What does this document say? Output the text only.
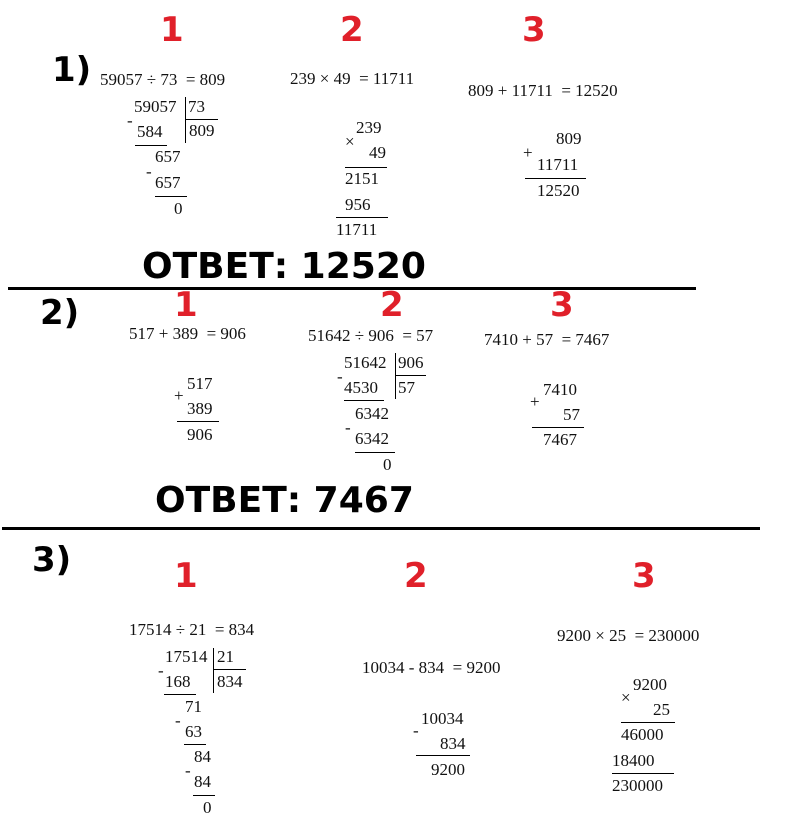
1)
1	2	3
59057 ÷ 73  = 809	239 × 49  = 11711
809 + 11711  = 12520
59057 73
809
-
584
657
-
657
0
239
×
49
2151
956
11711
809
+
11711
12520
ОТВЕТ: 12520
2)	1	2	3
517 + 389  = 906	51642 ÷ 906  = 57	7410 + 57  = 7467
517
+
389
906
51642 906
57
-
4530
6342
-
6342
0
7410
+
57
7467
ОТВЕТ: 7467
3)	1	2	3
17514 ÷ 21  = 834
10034 - 834  = 9200
9200 × 25  = 230000
17514 21
834
-
168
71
-
63
84
-
84
0
10034
-
834
9200
9200
×
25
46000
18400
230000
